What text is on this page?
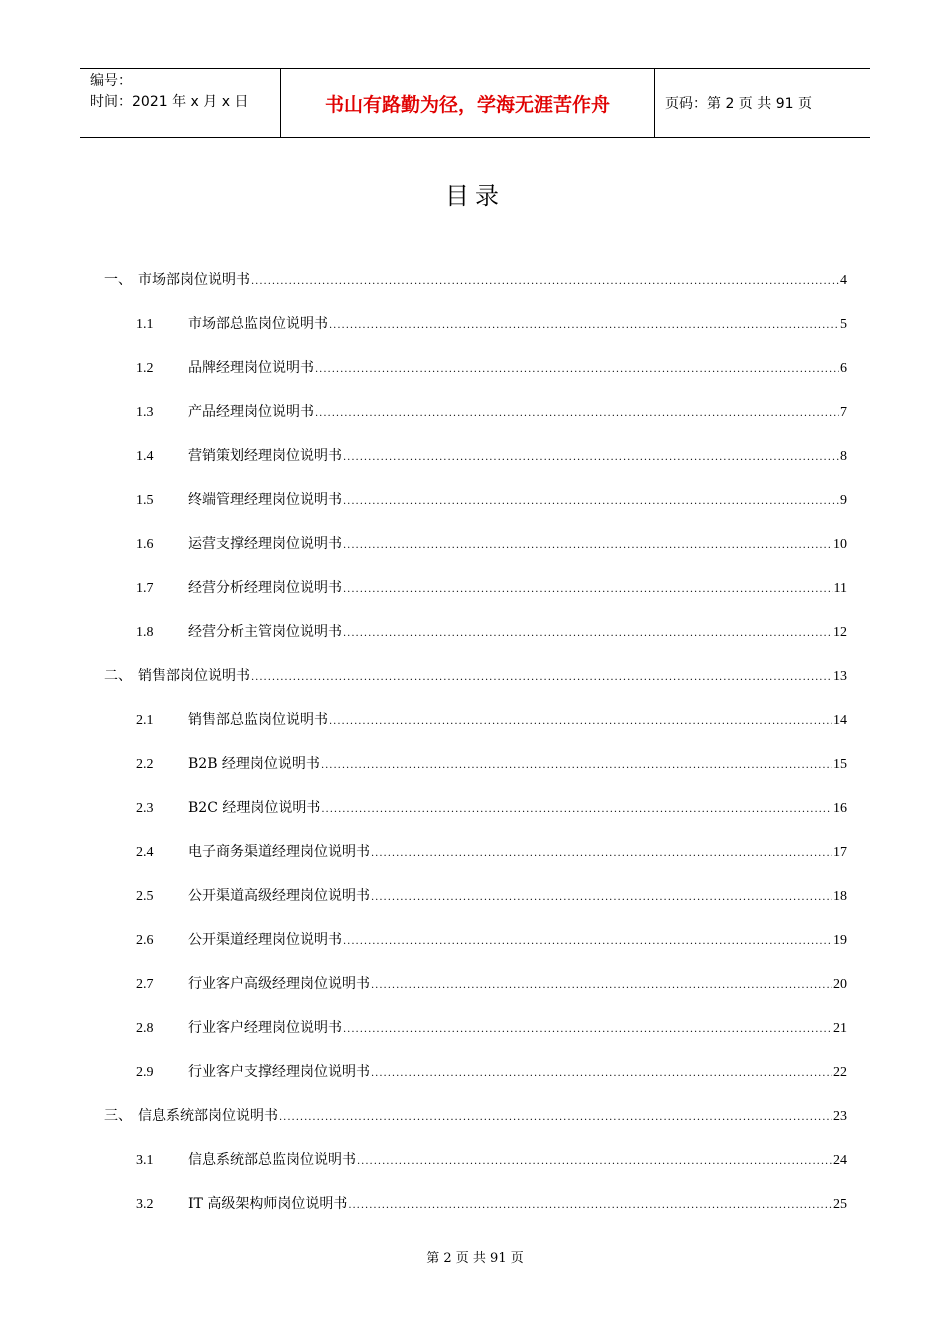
编号：
时间：2021 年 x 月 x 日	书山有路勤为径，学海无涯苦作舟	页码：第 2 页 共 91 页
目录
一、 市场部岗位说明书 .....	4
1.1	市场部总监岗位说明书 .....	5
1.2	品牌经理岗位说明书 .....	6
1.3	产品经理岗位说明书 .....	7
1.4	营销策划经理岗位说明书 .....	8
1.5	终端管理经理岗位说明书 .....	9
1.6	运营支撑经理岗位说明书 .....	10
1.7	经营分析经理岗位说明书 .....	11
1.8	经营分析主管岗位说明书 .....	12
二、 销售部岗位说明书 .....	13
2.1	销售部总监岗位说明书 .....	14
2.2	B2B 经理岗位说明书 .....	15
2.3	B2C 经理岗位说明书 .....	16
2.4	电子商务渠道经理岗位说明书 .....	17
2.5	公开渠道高级经理岗位说明书 .....	18
2.6	公开渠道经理岗位说明书 .....	19
2.7	行业客户高级经理岗位说明书 .....	20
2.8	行业客户经理岗位说明书 .....	21
2.9	行业客户支撑经理岗位说明书 .....	22
三、 信息系统部岗位说明书 .....	23
3.1	信息系统部总监岗位说明书 .....	24
3.2	IT 高级架构师岗位说明书 .....	25
第 2 页 共 91 页
